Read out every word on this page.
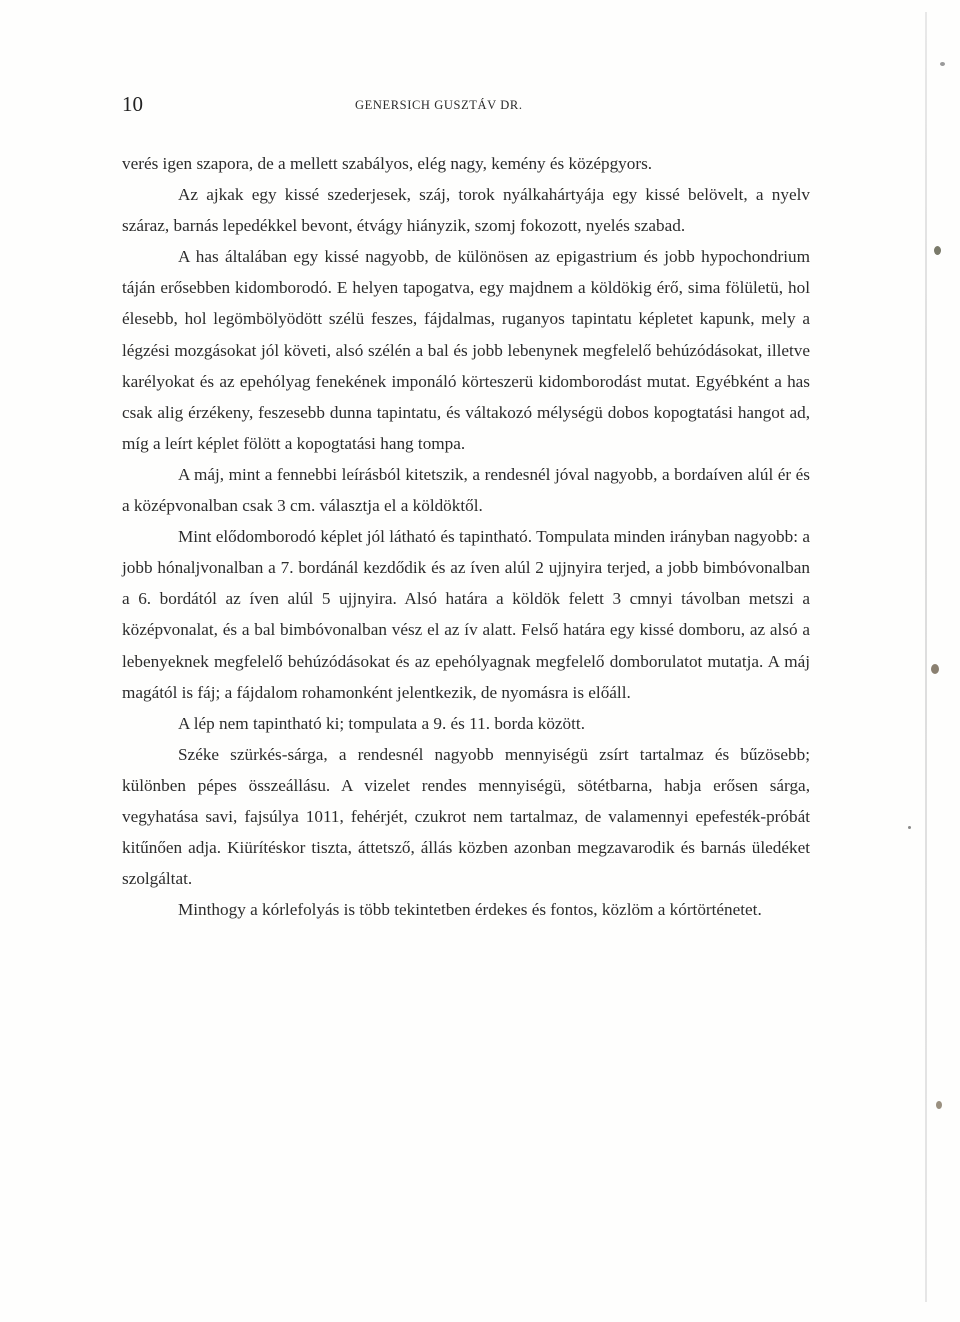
10	GENERSICH GUSZTÁV DR.

verés igen szapora, de a mellett szabályos, elég nagy, kemény és középgyors.

Az ajkak egy kissé szederjesek, száj, torok nyálkahártyája egy kissé belövelt, a nyelv száraz, barnás lepedékkel bevont, étvágy hiányzik, szomj fokozott, nyelés szabad.

A has általában egy kissé nagyobb, de különösen az epigastrium és jobb hypochondrium táján erősebben kidomborodó. E helyen tapogatva, egy majdnem a köldökig érő, sima fölületü, hol élesebb, hol legömbölyödött szélü feszes, fájdalmas, ruganyos tapintatu képletet kapunk, mely a légzési mozgásokat jól követi, alsó szélén a bal és jobb lebenynek megfelelő behúzódásokat, illetve karélyokat és az epehólyag fenekének imponáló körteszerü kidomborodást mutat. Egyébként a has csak alig érzékeny, feszesebb dunna tapintatu, és váltakozó mélységü dobos kopogtatási hangot ad, míg a leírt képlet fölött a kopogtatási hang tompa.

A máj, mint a fennebbi leírásból kitetszik, a rendesnél jóval nagyobb, a bordaíven alúl ér és a középvonalban csak 3 cm. választja el a köldöktől.

Mint elődomborodó képlet jól látható és tapintható. Tompulata minden irányban nagyobb: a jobb hónaljvonalban a 7. bordánál kezdődik és az íven alúl 2 ujjnyira terjed, a jobb bimbóvonalban a 6. bordától az íven alúl 5 ujjnyira. Alsó határa a köldök felett 3 cmnyi távolban metszi a középvonalat, és a bal bimbóvonalban vész el az ív alatt. Felső határa egy kissé domboru, az alsó a lebenyeknek megfelelő behúzódásokat és az epehólyagnak megfelelő domborulatot mutatja. A máj magától is fáj; a fájdalom rohamonként jelentkezik, de nyomásra is előáll.

A lép nem tapintható ki; tompulata a 9. és 11. borda között.

Széke szürkés-sárga, a rendesnél nagyobb mennyiségü zsírt tartalmaz és bűzösebb; különben pépes összeállásu. A vizelet rendes mennyiségü, sötétbarna, habja erősen sárga, vegyhatása savi, fajsúlya 1011, fehérjét, czukrot nem tartalmaz, de valamennyi epefesték-próbát kitűnően adja. Kiürítéskor tiszta, áttetsző, állás közben azonban megzavarodik és barnás üledéket szolgáltat.

Minthogy a kórlefolyás is több tekintetben érdekes és fontos, közlöm a kórtörténetet.
